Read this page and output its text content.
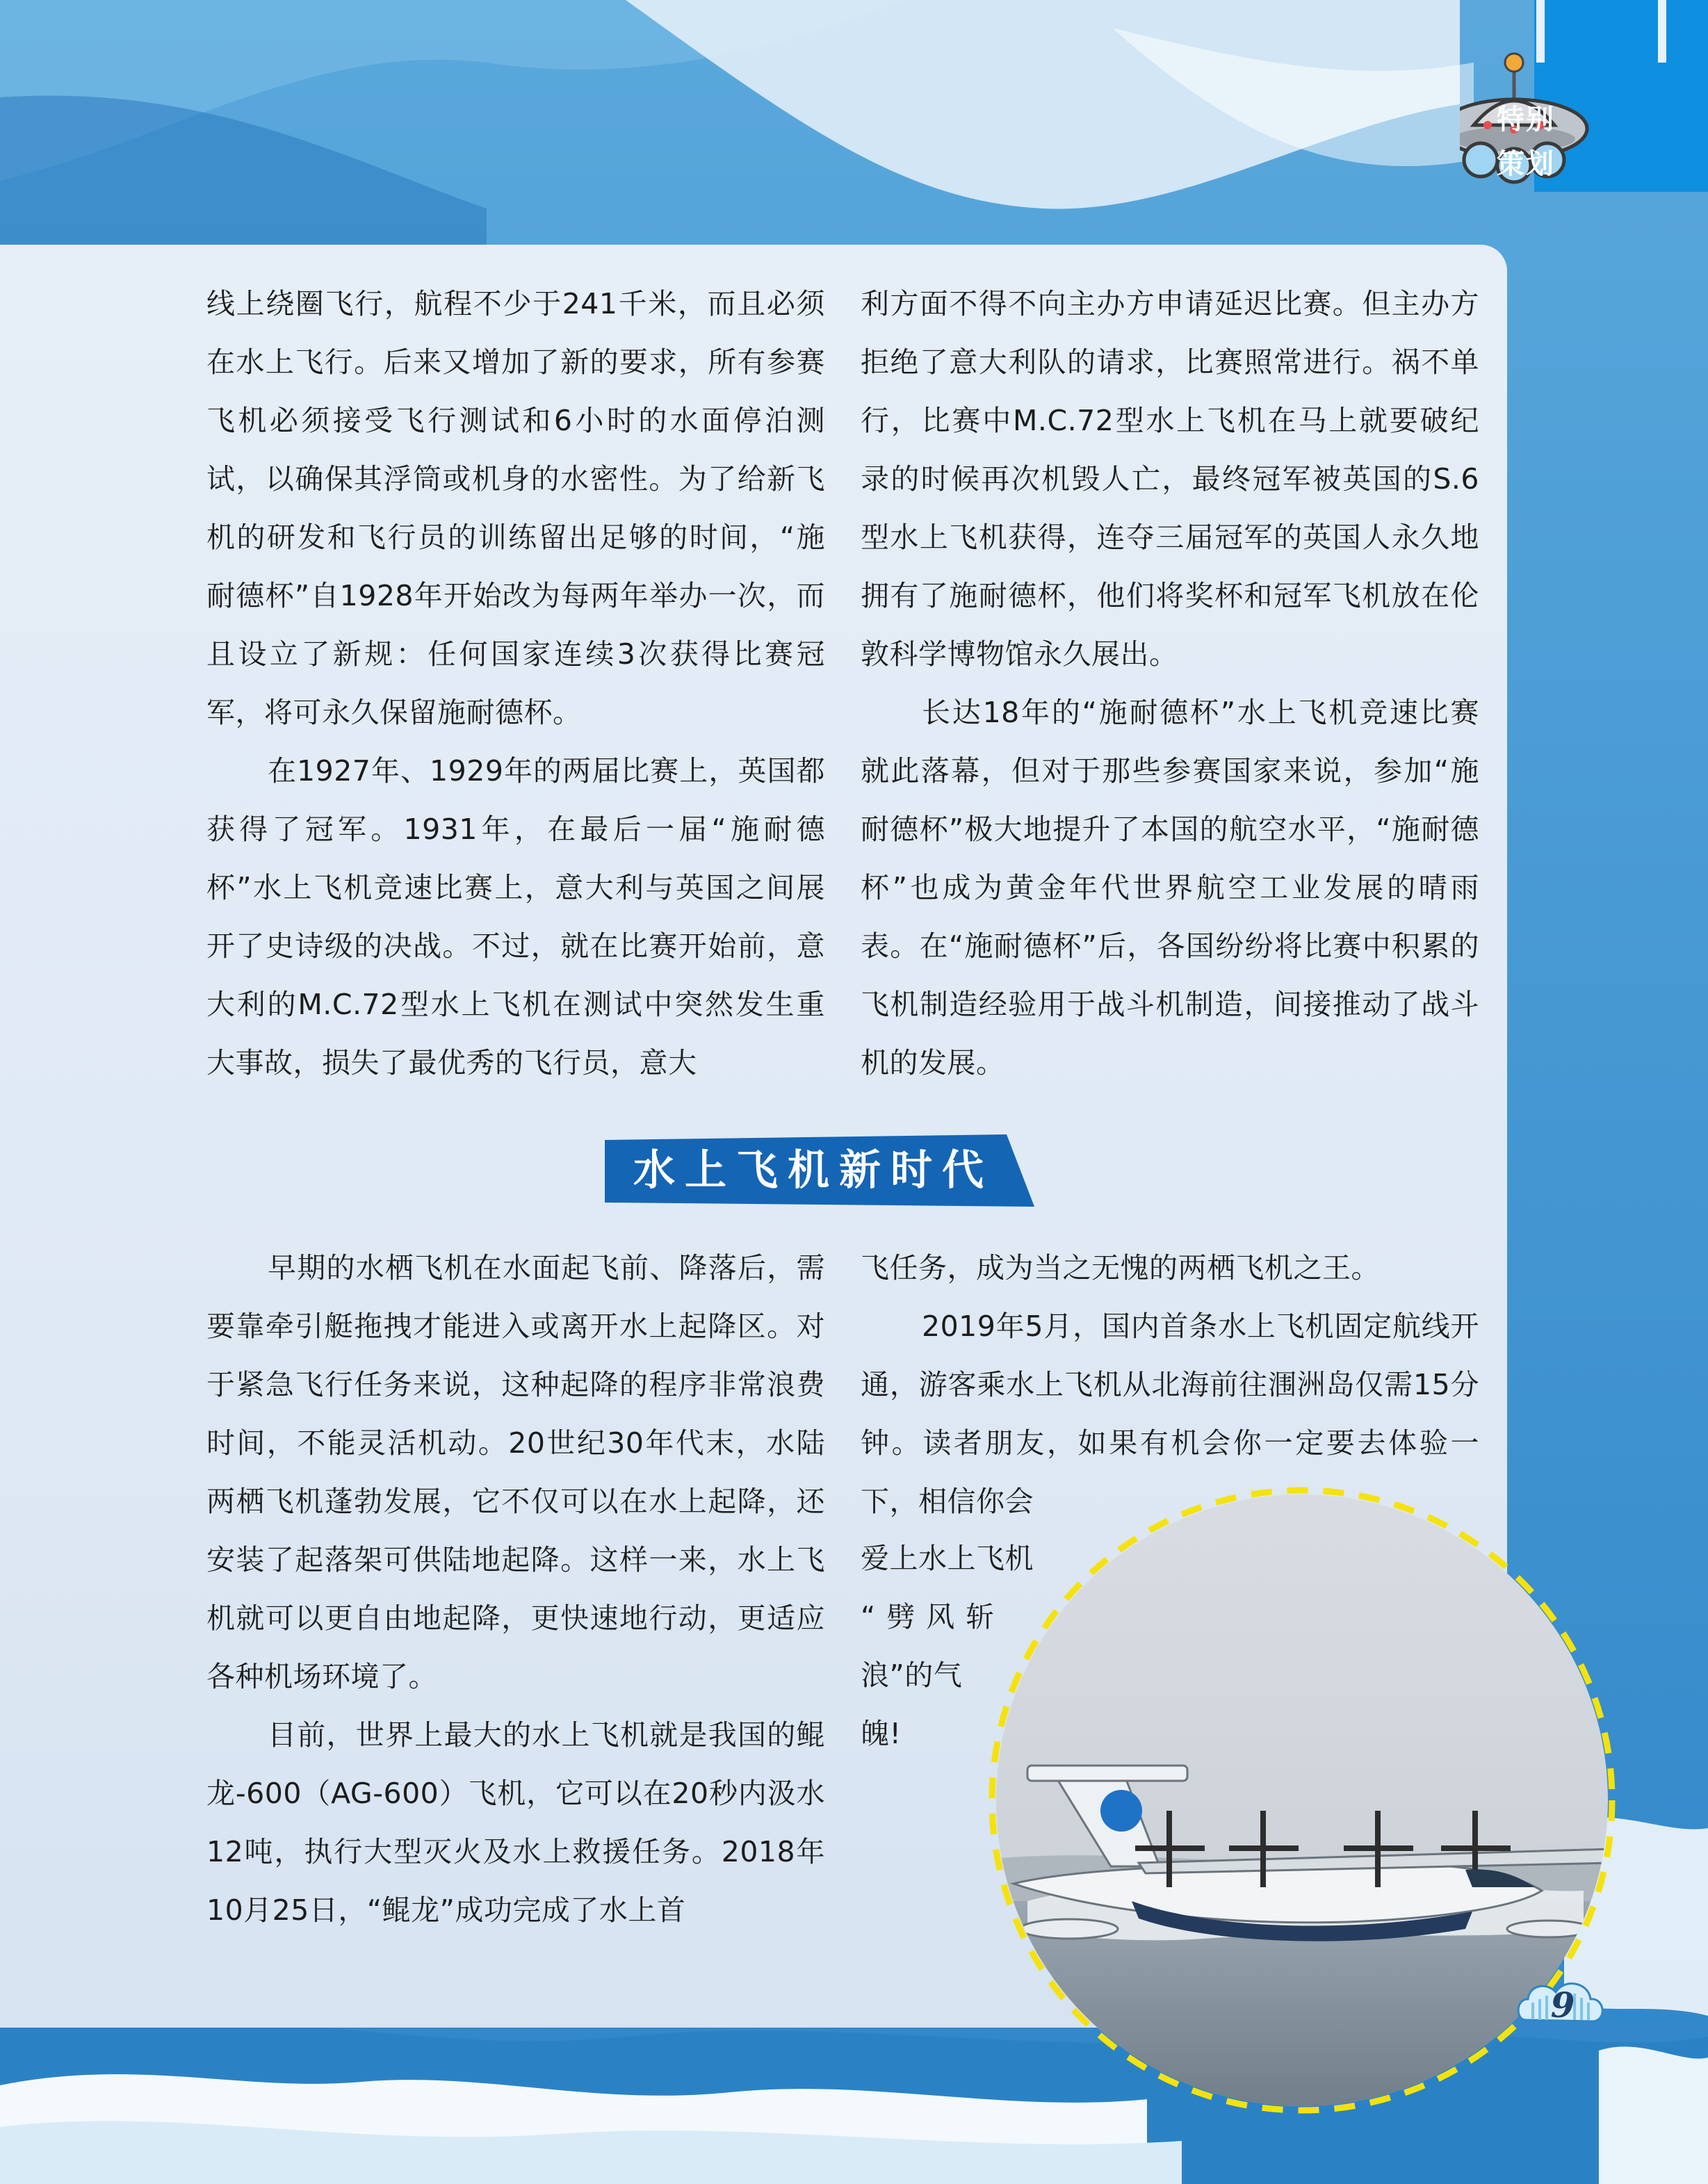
特别
策划

线上绕圈飞行，航程不少于241千米，而且必须在水上飞行。后来又增加了新的要求，所有参赛飞机必须接受飞行测试和6小时的水面停泊测试，以确保其浮筒或机身的水密性。为了给新飞机的研发和飞行员的训练留出足够的时间，“施耐德杯”自1928年开始改为每两年举办一次，而且设立了新规：任何国家连续3次获得比赛冠军，将可永久保留施耐德杯。

在1927年、1929年的两届比赛上，英国都获得了冠军。1931年，在最后一届“施耐德杯”水上飞机竞速比赛上，意大利与英国之间展开了史诗级的决战。不过，就在比赛开始前，意大利的M.C.72型水上飞机在测试中突然发生重大事故，损失了最优秀的飞行员，意大

利方面不得不向主办方申请延迟比赛。但主办方拒绝了意大利队的请求，比赛照常进行。祸不单行，比赛中M.C.72型水上飞机在马上就要破纪录的时候再次机毁人亡，最终冠军被英国的S.6型水上飞机获得，连夺三届冠军的英国人永久地拥有了施耐德杯，他们将奖杯和冠军飞机放在伦敦科学博物馆永久展出。

长达18年的“施耐德杯”水上飞机竞速比赛就此落幕，但对于那些参赛国家来说，参加“施耐德杯”极大地提升了本国的航空水平，“施耐德杯”也成为黄金年代世界航空工业发展的晴雨表。在“施耐德杯”后，各国纷纷将比赛中积累的飞机制造经验用于战斗机制造，间接推动了战斗机的发展。

水上飞机新时代

早期的水栖飞机在水面起飞前、降落后，需要靠牵引艇拖拽才能进入或离开水上起降区。对于紧急飞行任务来说，这种起降的程序非常浪费时间，不能灵活机动。20世纪30年代末，水陆两栖飞机蓬勃发展，它不仅可以在水上起降，还安装了起落架可供陆地起降。这样一来，水上飞机就可以更自由地起降，更快速地行动，更适应各种机场环境了。

目前，世界上最大的水上飞机就是我国的鲲龙-600（AG-600）飞机，它可以在20秒内汲水12吨，执行大型灭火及水上救援任务。2018年10月25日，“鲲龙”成功完成了水上首

飞任务，成为当之无愧的两栖飞机之王。

2019年5月，国内首条水上飞机固定航线开通，游客乘水上飞机从北海前往涠洲岛仅需15分钟。读者朋友，如果有机会你一定要去体验一下，相信你会

爱上水上飞机

“劈风斩

浪”的气

魄!

9
